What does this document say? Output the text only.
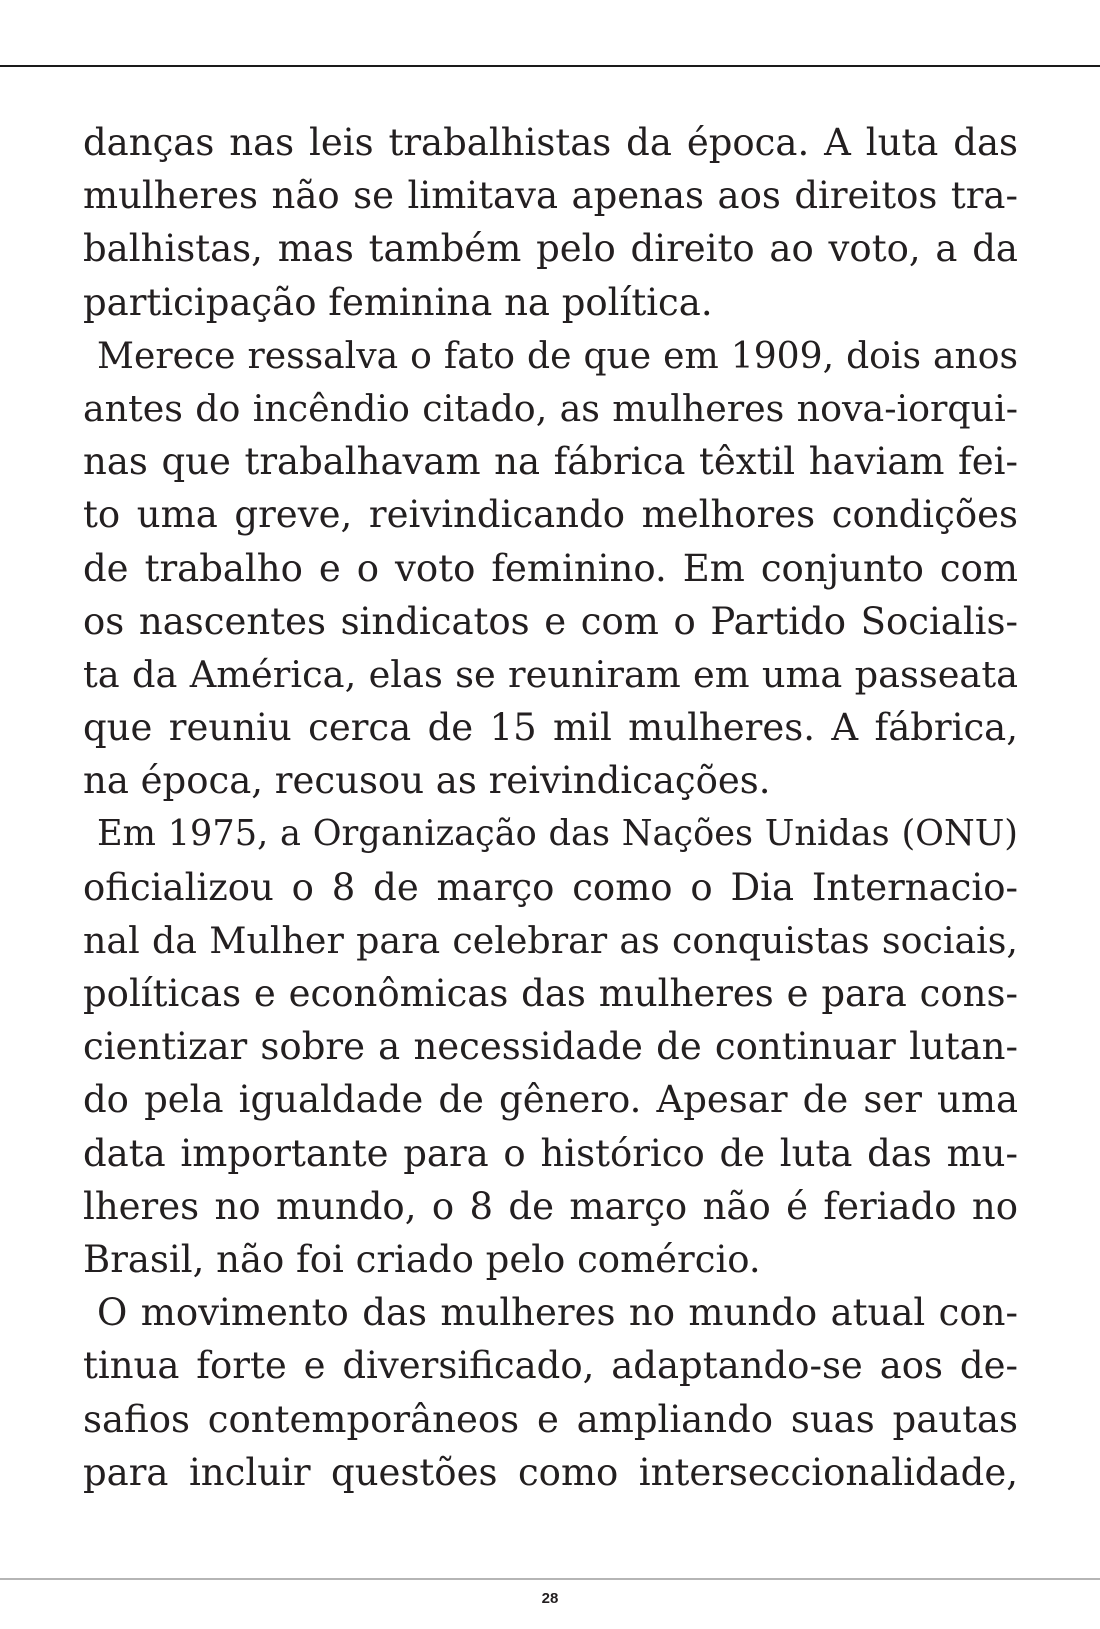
danças nas leis trabalhistas da época. A luta das
mulheres não se limitava apenas aos direitos tra-
balhistas, mas também pelo direito ao voto, a da
participação feminina na política.
Merece ressalva o fato de que em 1909, dois anos
antes do incêndio citado, as mulheres nova-iorqui-
nas que trabalhavam na fábrica têxtil haviam fei-
to uma greve, reivindicando melhores condições
de trabalho e o voto feminino. Em conjunto com
os nascentes sindicatos e com o Partido Socialis-
ta da América, elas se reuniram em uma passeata
que reuniu cerca de 15 mil mulheres. A fábrica,
na época, recusou as reivindicações.
Em 1975, a Organização das Nações Unidas (ONU)
oficializou o 8 de março como o Dia Internacio-
nal da Mulher para celebrar as conquistas sociais,
políticas e econômicas das mulheres e para cons-
cientizar sobre a necessidade de continuar lutan-
do pela igualdade de gênero. Apesar de ser uma
data importante para o histórico de luta das mu-
lheres no mundo, o 8 de março não é feriado no
Brasil, não foi criado pelo comércio.
O movimento das mulheres no mundo atual con-
tinua forte e diversificado, adaptando-se aos de-
safios contemporâneos e ampliando suas pautas
para incluir questões como interseccionalidade,
28
